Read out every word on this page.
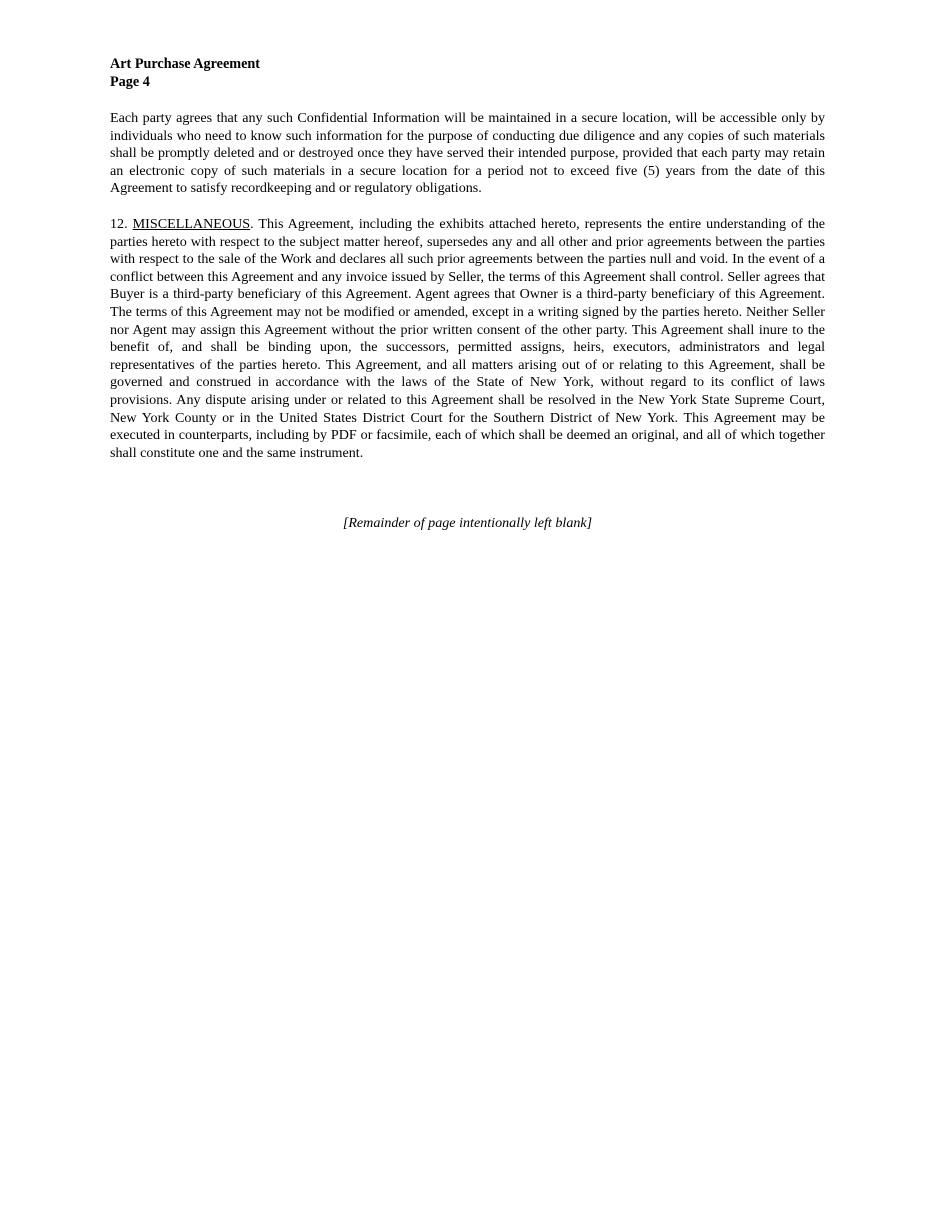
Art Purchase Agreement
Page 4

Each party agrees that any such Confidential Information will be maintained in a secure location, will be accessible only by individuals who need to know such information for the purpose of conducting due diligence and any copies of such materials shall be promptly deleted and or destroyed once they have served their intended purpose, provided that each party may retain an electronic copy of such materials in a secure location for a period not to exceed five (5) years from the date of this Agreement to satisfy recordkeeping and or regulatory obligations.

12. MISCELLANEOUS. This Agreement, including the exhibits attached hereto, represents the entire understanding of the parties hereto with respect to the subject matter hereof, supersedes any and all other and prior agreements between the parties with respect to the sale of the Work and declares all such prior agreements between the parties null and void. In the event of a conflict between this Agreement and any invoice issued by Seller, the terms of this Agreement shall control. Seller agrees that Buyer is a third-party beneficiary of this Agreement. Agent agrees that Owner is a third-party beneficiary of this Agreement. The terms of this Agreement may not be modified or amended, except in a writing signed by the parties hereto. Neither Seller nor Agent may assign this Agreement without the prior written consent of the other party. This Agreement shall inure to the benefit of, and shall be binding upon, the successors, permitted assigns, heirs, executors, administrators and legal representatives of the parties hereto. This Agreement, and all matters arising out of or relating to this Agreement, shall be governed and construed in accordance with the laws of the State of New York, without regard to its conflict of laws provisions. Any dispute arising under or related to this Agreement shall be resolved in the New York State Supreme Court, New York County or in the United States District Court for the Southern District of New York. This Agreement may be executed in counterparts, including by PDF or facsimile, each of which shall be deemed an original, and all of which together shall constitute one and the same instrument.

[Remainder of page intentionally left blank]
